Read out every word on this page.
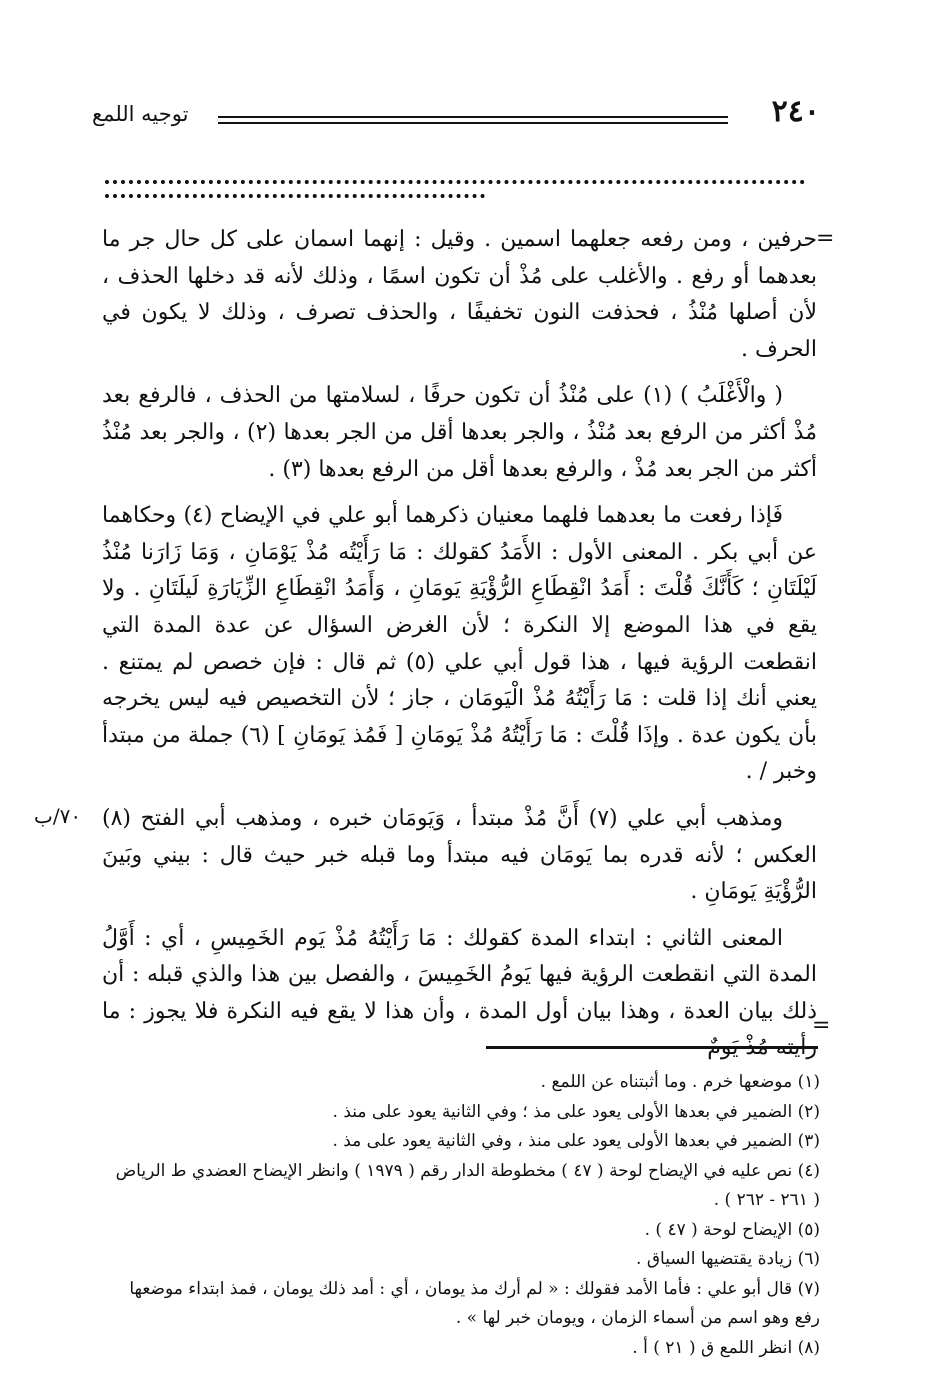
٢٤٠
توجيه اللمع
=

حرفين ، ومن رفعه جعلهما اسمين . وقيل : إنهما اسمان على كل حال جر ما بعدهما أو رفع . والأغلب على مُذْ أن تكون اسمًا ، وذلك لأنه قد دخلها الحذف ، لأن أصلها مُنْذُ ، فحذفت النون تخفيفًا ، والحذف تصرف ، وذلك لا يكون في الحرف .

( والْأَغْلَبُ ) (١) على مُنْذُ أن تكون حرفًا ، لسلامتها من الحذف ، فالرفع بعد مُذْ أكثر من الرفع بعد مُنْذُ ، والجر بعدها أقل من الجر بعدها (٢) ، والجر بعد مُنْذُ أكثر من الجر بعد مُذْ ، والرفع بعدها أقل من الرفع بعدها (٣) .

فَإذا رفعت ما بعدهما فلهما معنيان ذكرهما أبو علي في الإيضاح (٤) وحكاهما عن أبي بكر . المعنى الأول : الأَمَدُ كقولك : مَا رَأَيْتُه مُذْ يَوْمَانِ ، وَمَا زَارَنا مُنْذُ لَيْلَتَانِ ؛ كَأَنَّكَ قُلْتَ : أَمَدُ انْقِطَاعِ الرُّؤْيَةِ يَومَانِ ، وَأَمَدُ انْقِطَاعِ الزِّيَارَةِ لَيلَتَانِ . ولا يقع في هذا الموضع إلا النكرة ؛ لأن الغرض السؤال عن عدة المدة التي انقطعت الرؤية فيها ، هذا قول أبي علي (٥) ثم قال : فإن خصص لم يمتنع . يعني أنك إذا قلت : مَا رَأَيْتُهُ مُذْ الْيَومَان ، جاز ؛ لأن التخصيص فيه ليس يخرجه بأن يكون عدة . وإذَا قُلْتَ : مَا رَأَيْتُهُ مُذْ يَومَانِ [ فَمُذ يَومَانِ ] (٦) جملة من مبتدأ وخبر / .

ومذهب أبي علي (٧) أَنَّ مُذْ مبتدأ ، وَيَومَان خبره ، ومذهب أبي الفتح (٨) العكس ؛ لأنه قدره بما يَومَان فيه مبتدأ وما قبله خبر حيث قال : بيني وبَينَ الرُّؤْيَةِ يَومَانِ .

المعنى الثاني : ابتداء المدة كقولك : مَا رَأَيْتُهُ مُذْ يَوم الخَمِيسِ ، أي : أَوَّلُ المدة التي انقطعت الرؤية فيها يَومُ الخَمِيسَ ، والفصل بين هذا والذي قبله : أن ذلك بيان العدة ، وهذا بيان أول المدة ، وأن هذا لا يقع فيه النكرة فلا يجوز : ما رأيته مُذْ يَومٌ

٧٠/ب
=

(١) موضعها خرم . وما أثبتناه عن اللمع .

(٢) الضمير في بعدها الأولى يعود على مذ ؛ وفي الثانية يعود على منذ .

(٣) الضمير في بعدها الأولى يعود على منذ ، وفي الثانية يعود على مذ .

(٤) نص عليه في الإيضاح لوحة ( ٤٧ ) مخطوطة الدار رقم ( ١٩٧٩ ) وانظر الإيضاح العضدي ط الرياض ( ٢٦١ - ٢٦٢ ) .

(٥) الإيضاح لوحة ( ٤٧ ) .

(٦) زيادة يقتضيها السياق .

(٧) قال أبو علي : فأما الأمد فقولك : « لم أرك مذ يومان ، أي : أمد ذلك يومان ، فمذ ابتداء موضعها رفع وهو اسم من أسماء الزمان ، ويومان خبر لها » .

(٨) انظر اللمع ق ( ٢١ ) أ .
